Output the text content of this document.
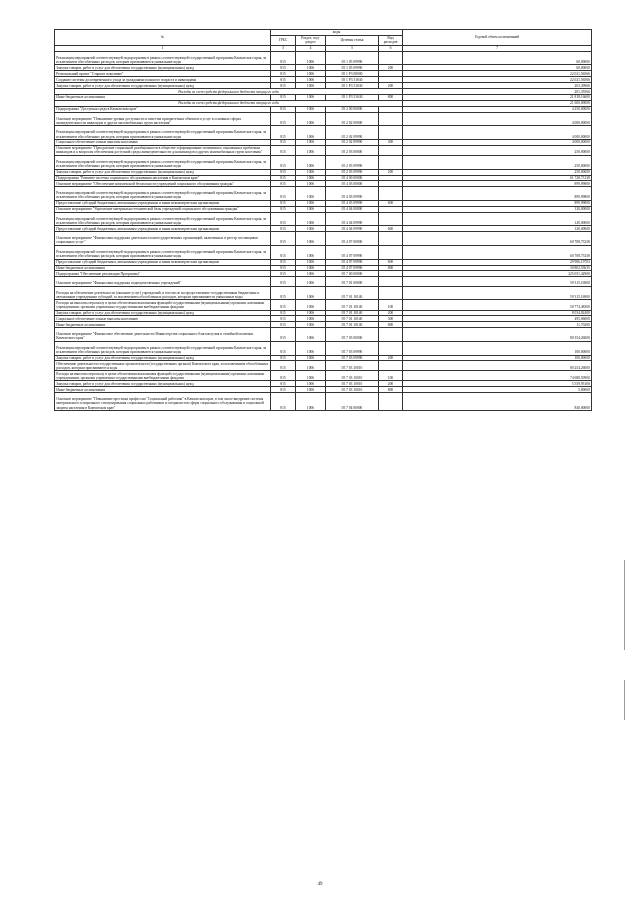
№	коды				Годовой объем ассигнований
	ГРБС	Раздел, под-раздел	Целевая статья	Вид расходов	
1	3	4	5	6	7
Реализация мероприятий соответствующей подпрограммы в рамках соответствующей государственной программы Камчатского края, за исключением обособленных расходов, которым присваиваются уникальные коды	815	1006	05 1 05 09990		60,00000
Закупка товаров, работ и услуг для обеспечения государственных (муниципальных) нужд	815	1006	05 1 05 09990	200	60,00000
Региональный проект "Старшее поколение"	815	1006	05 1 P3 00000		22 021,56566
Создание системы долговременного ухода за гражданами пожилого возраста и инвалидами	815	1006	05 1 P3 51630		22 021,56566
Закупка товаров, работ и услуг для обеспечения государственных (муниципальных) нужд	815	1006	05 1 P3 51630	200	203,39966
Расходы за счет средств федерального бюджета текущего года					201,35566
Иные бюджетные ассигнования	815	1006	05 1 P3 51630	800	21 818,16600
Расходы за счет средств федерального бюджета текущего года					21 600,00000
Подпрограмма "Доступная среда в Камчатском крае"	815	1006	05 2 00 00000		4 250,00000
Основное мероприятие "Повышение уровня доступности и качества приоритетных объектов и услуг в основных сферах жизнедеятельности инвалидов и других маломобильных групп населения"	815	1006	05 2 02 00000		4 000,00000
Реализация мероприятий соответствующей подпрограммы в рамках соответствующей государственной программы Камчатского края, за исключением обособленных расходов, которым присваиваются уникальные коды	815	1006	05 2 02 09990		4 000,00000
Социальное обеспечение и иные выплаты населению	815	1006	05 2 02 09990	300	4 000,00000
Основное мероприятие "Преодоление социальной разобщенности в обществе и формирование позитивного отношения к проблемам инвалидов и к вопросам обеспечения доступной среды жизнедеятельности для инвалидов и других маломобильных групп населения"	815	1006	05 2 03 00000		250,00000
Реализация мероприятий соответствующей подпрограммы в рамках соответствующей государственной программы Камчатского края, за исключением обособленных расходов, которым присваиваются уникальные коды	815	1006	05 2 03 09990		250,00000
Закупка товаров, работ и услуг для обеспечения государственных (муниципальных) нужд	815	1006	05 2 03 09990	200	250,00000
Подпрограмма "Развитие системы социального обслуживания населения в Камчатском крае"	815	1006	05 4 00 00000		61 728,73138
Основное мероприятие "Обеспечение комплексной безопасности учреждений социального обслуживания граждан"	815	1006	05 4 03 00000		899,99800
Реализация мероприятий соответствующей подпрограммы в рамках соответствующей государственной программы Камчатского края, за исключением обособленных расходов, которым присваиваются уникальные коды	815	1006	05 4 03 09990		899,99800
Предоставление субсидий бюджетным, автономным учреждениям и иным некоммерческим организациям	815	1006	05 4 03 09990	600	899,99800
Основное мероприятие "Укрепление материально-технической базы учреждений социального обслуживания граждан"	815	1006	05 4 04 00000		120,00000
Реализация мероприятий соответствующей подпрограммы в рамках соответствующей государственной программы Камчатского края, за исключением обособленных расходов, которым присваиваются уникальные коды	815	1006	05 4 04 09990		120,00000
Предоставление субсидий бюджетным, автономным учреждениям и иным некоммерческим организациям	815	1006	05 4 04 09990	600	120,00000
Основное мероприятие "Финансовая поддержка деятельности негосударственных организаций, включенных в реестр поставщиков социальных услуг"	815	1006	05 4 07 00000		60 708,73338
Реализация мероприятий соответствующей подпрограммы в рамках соответствующей государственной программы Камчатского края, за исключением обособленных расходов, которым присваиваются уникальные коды	815	1006	05 4 07 09990		60 708,73338
Предоставление субсидий бюджетным, автономным учреждениям и иным некоммерческим организациям	815	1006	05 4 07 09990	600	29 906,19703
Иные бюджетные ассигнования	815	1006	05 4 07 09990	800	30 802,53635
Подпрограмма "Обеспечение реализации Программы"	815	1006	05 7 00 00000		225 051,42900
Основное мероприятие "Финансовая поддержка подведомственных учреждений"	815	1006	05 7 01 00000		59 315,16900
Расходы на обеспечение деятельности (оказание услуг) учреждений, в том числе на предоставление государственным бюджетным и автономным учреждениям субсидий, за исключением обособленных расходов, которым присваиваются уникальные коды	815	1006	05 7 01 10140		59 315,16900
Расходы на выплаты персоналу в целях обеспечения выполнения функций государственными (муниципальными) органами, казенными учреждениями, органами управления государственными внебюджетными фондами	815	1006	05 7 01 10140	100	50 774,48300
Закупка товаров, работ и услуг для обеспечения государственных (муниципальных) нужд	815	1006	05 7 01 10140	200	8 034,02400
Социальное обеспечение и иные выплаты населению	815	1006	05 7 01 10140	300	495,06000
Иные бюджетные ассигнования	815	1006	05 7 01 10140	800	11,70200
Основное мероприятие "Финансовое обеспечение деятельности Министерства социального благополучия и семейной политики Камчатского края"	815	1006	05 7 03 00000		80 354,26000
Реализация мероприятий соответствующей подпрограммы в рамках соответствующей государственной программы Камчатского края, за исключением обособленных расходов, которым присваиваются уникальные коды	815	1006	05 7 03 09990		100,00000
Закупка товаров, работ и услуг для обеспечения государственных (муниципальных) нужд	815	1006	05 7 03 09990	200	100,00000
Обеспечение деятельности государственных органов власти (государственных органов) Камчатского края, за исключением обособленных расходов, которым присваиваются коды	815	1006	05 7 03 10010		80 254,26000
Расходы на выплаты персоналу в целях обеспечения выполнения функций государственными (муниципальными) органами, казенными учреждениями, органами управления государственными внебюджетными фондами	815	1006	05 7 03 10010	100	74 688,50900
Закупка товаров, работ и услуг для обеспечения государственных (муниципальных) нужд	815	1006	05 7 03 10010	200	5 559,95100
Иные бюджетные ассигнования	815	1006	05 7 03 10010	800	5,80000
Основное мероприятие "Повышение престижа профессии "Социальный работник" в Камчатском крае, в том числе внедрение системы материального и морального стимулирования социальных работников и специалистов сферы социального обслуживания и социальной защиты населения в Камчатском крае"	815	1006	05 7 04 00000		840,00000
49
